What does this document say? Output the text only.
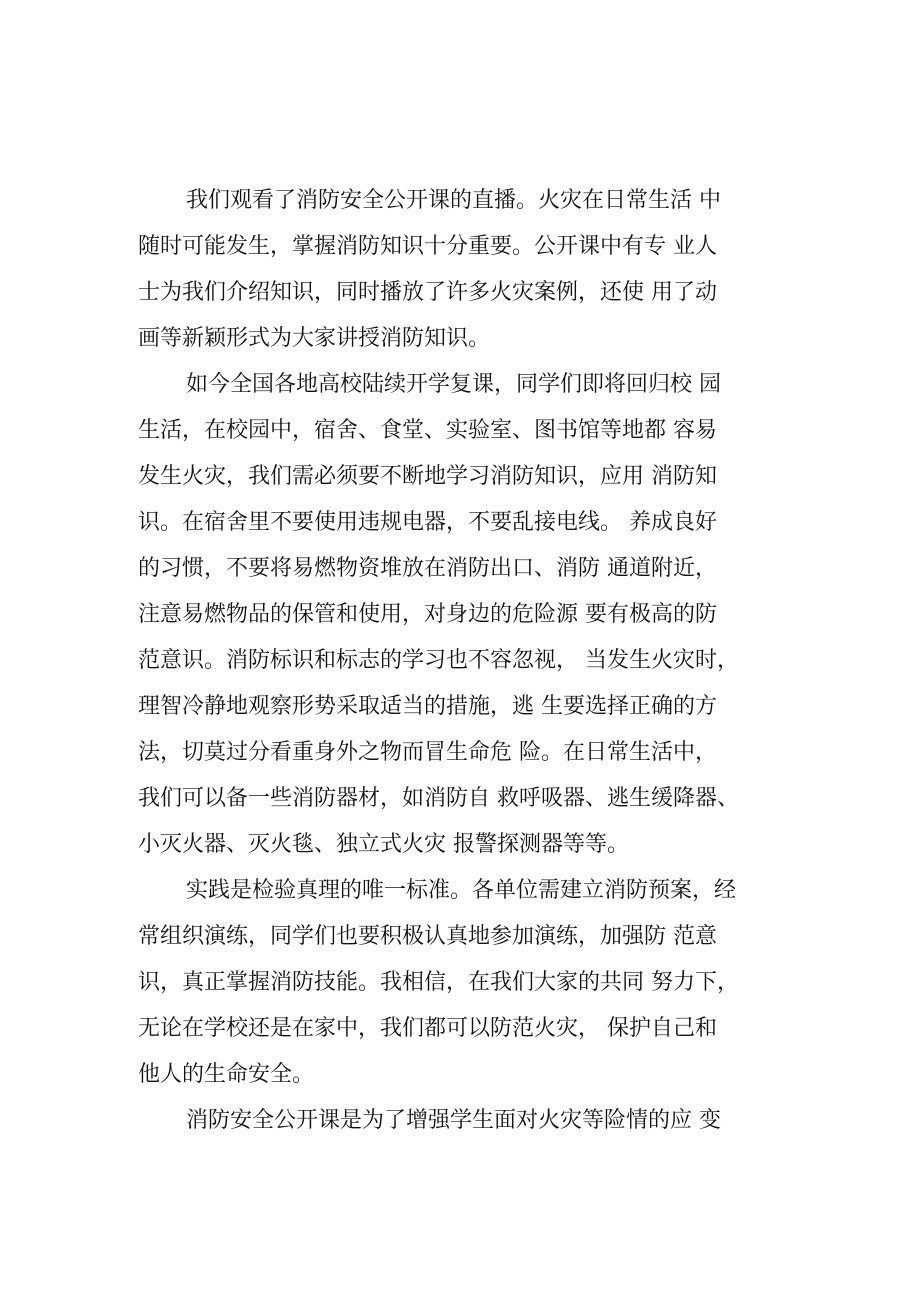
我们观看了消防安全公开课的直播。火灾在日常生活 中
随时可能发生，掌握消防知识十分重要。公开课中有专 业人
士为我们介绍知识，同时播放了许多火灾案例，还使 用了动
画等新颖形式为大家讲授消防知识。
如今全国各地高校陆续开学复课，同学们即将回归校 园
生活，在校园中，宿舍、食堂、实验室、图书馆等地都 容易
发生火灾，我们需必须要不断地学习消防知识，应用 消防知
识。在宿舍里不要使用违规电器，不要乱接电线。 养成良好
的习惯，不要将易燃物资堆放在消防出口、消防 通道附近，
注意易燃物品的保管和使用，对身边的危险源 要有极高的防
范意识。消防标识和标志的学习也不容忽视， 当发生火灾时，
理智冷静地观察形势采取适当的措施，逃 生要选择正确的方
法，切莫过分看重身外之物而冒生命危 险。在日常生活中，
我们可以备一些消防器材，如消防自 救呼吸器、逃生缓降器、
小灭火器、灭火毯、独立式火灾 报警探测器等等。
实践是检验真理的唯一标准。各单位需建立消防预案，经
常组织演练，同学们也要积极认真地参加演练，加强防 范意
识，真正掌握消防技能。我相信，在我们大家的共同 努力下，
无论在学校还是在家中，我们都可以防范火灾， 保护自己和
他人的生命安全。
消防安全公开课是为了增强学生面对火灾等险情的应 变
